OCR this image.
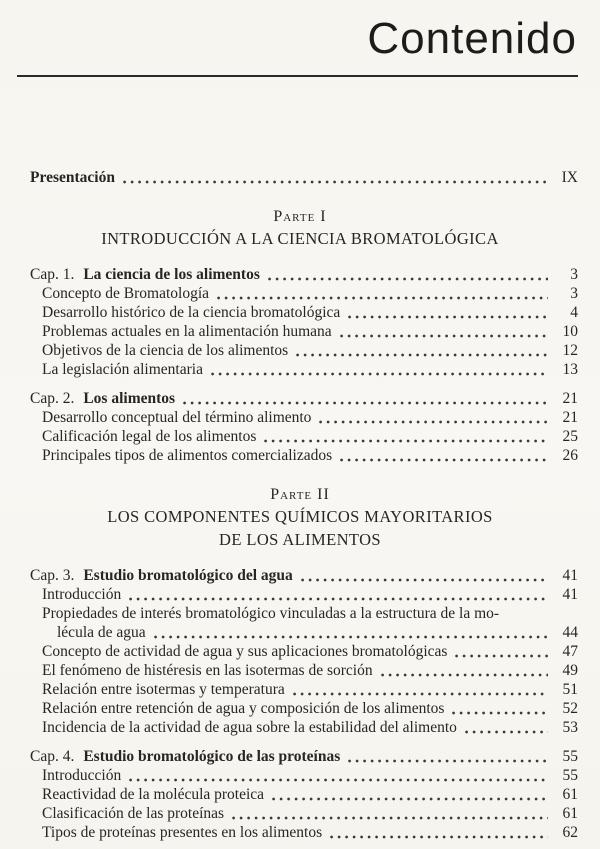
Contenido
Presentación	IX
Parte I
INTRODUCCIÓN A LA CIENCIA BROMATOLÓGICA
Cap. 1. La ciencia de los alimentos	3
Concepto de Bromatología	3
Desarrollo histórico de la ciencia bromatológica	4
Problemas actuales en la alimentación humana	10
Objetivos de la ciencia de los alimentos	12
La legislación alimentaria	13
Cap. 2. Los alimentos	21
Desarrollo conceptual del término alimento	21
Calificación legal de los alimentos	25
Principales tipos de alimentos comercializados	26
Parte II
LOS COMPONENTES QUÍMICOS MAYORITARIOS
DE LOS ALIMENTOS
Cap. 3. Estudio bromatológico del agua	41
Introducción	41
Propiedades de interés bromatológico vinculadas a la estructura de la mo-
lécula de agua	44
Concepto de actividad de agua y sus aplicaciones bromatológicas	47
El fenómeno de histéresis en las isotermas de sorción	49
Relación entre isotermas y temperatura	51
Relación entre retención de agua y composición de los alimentos	52
Incidencia de la actividad de agua sobre la estabilidad del alimento	53
Cap. 4. Estudio bromatológico de las proteínas	55
Introducción	55
Reactividad de la molécula proteica	61
Clasificación de las proteínas	61
Tipos de proteínas presentes en los alimentos	62
